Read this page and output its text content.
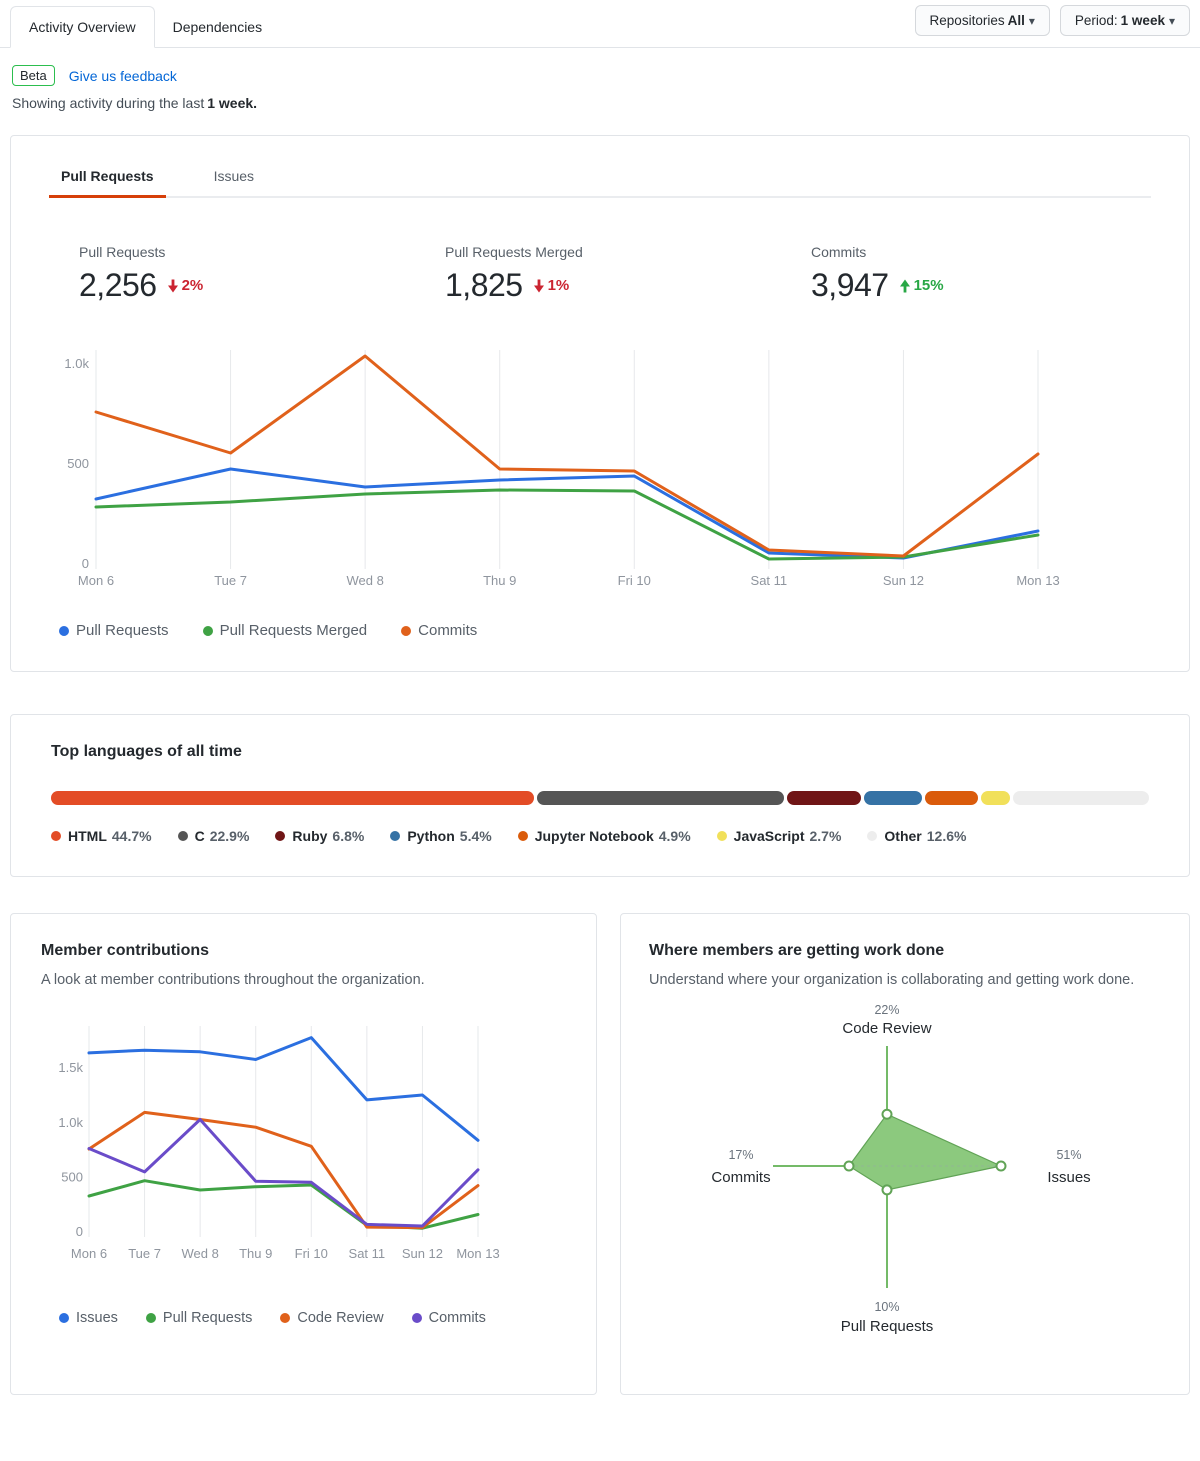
Activity Overview	Dependencies	Repositories All ▾	Period: 1 week ▾
Beta	Give us feedback
Showing activity during the last 1 week.
Pull Requests	Issues
Pull Requests
2,256 2%
Pull Requests Merged
1,825 1%
Commits
3,947 15%
Mon 6	Tue 7	Wed 8	Thu 9	Fri 10	Sat 11	Sun 12	Mon 13
0
500
1.0k
Pull Requests	Pull Requests Merged	Commits
Top languages of all time
HTML 44.7%	C 22.9%	Ruby 6.8%	Python 5.4%	Jupyter Notebook 4.9%	JavaScript 2.7%	Other 12.6%
Member contributions
A look at member contributions throughout the organization.
Mon 6 Tue 7 Wed 8 Thu 9 Fri 10 Sat 11 Sun 12 Mon 13
0
500
1.0k
1.5k
Issues	Pull Requests	Code Review	Commits
Where members are getting work done
Understand where your organization is collaborating and getting work done.
22%
Code Review
51%
Issues
10%
Pull Requests
17%
Commits
